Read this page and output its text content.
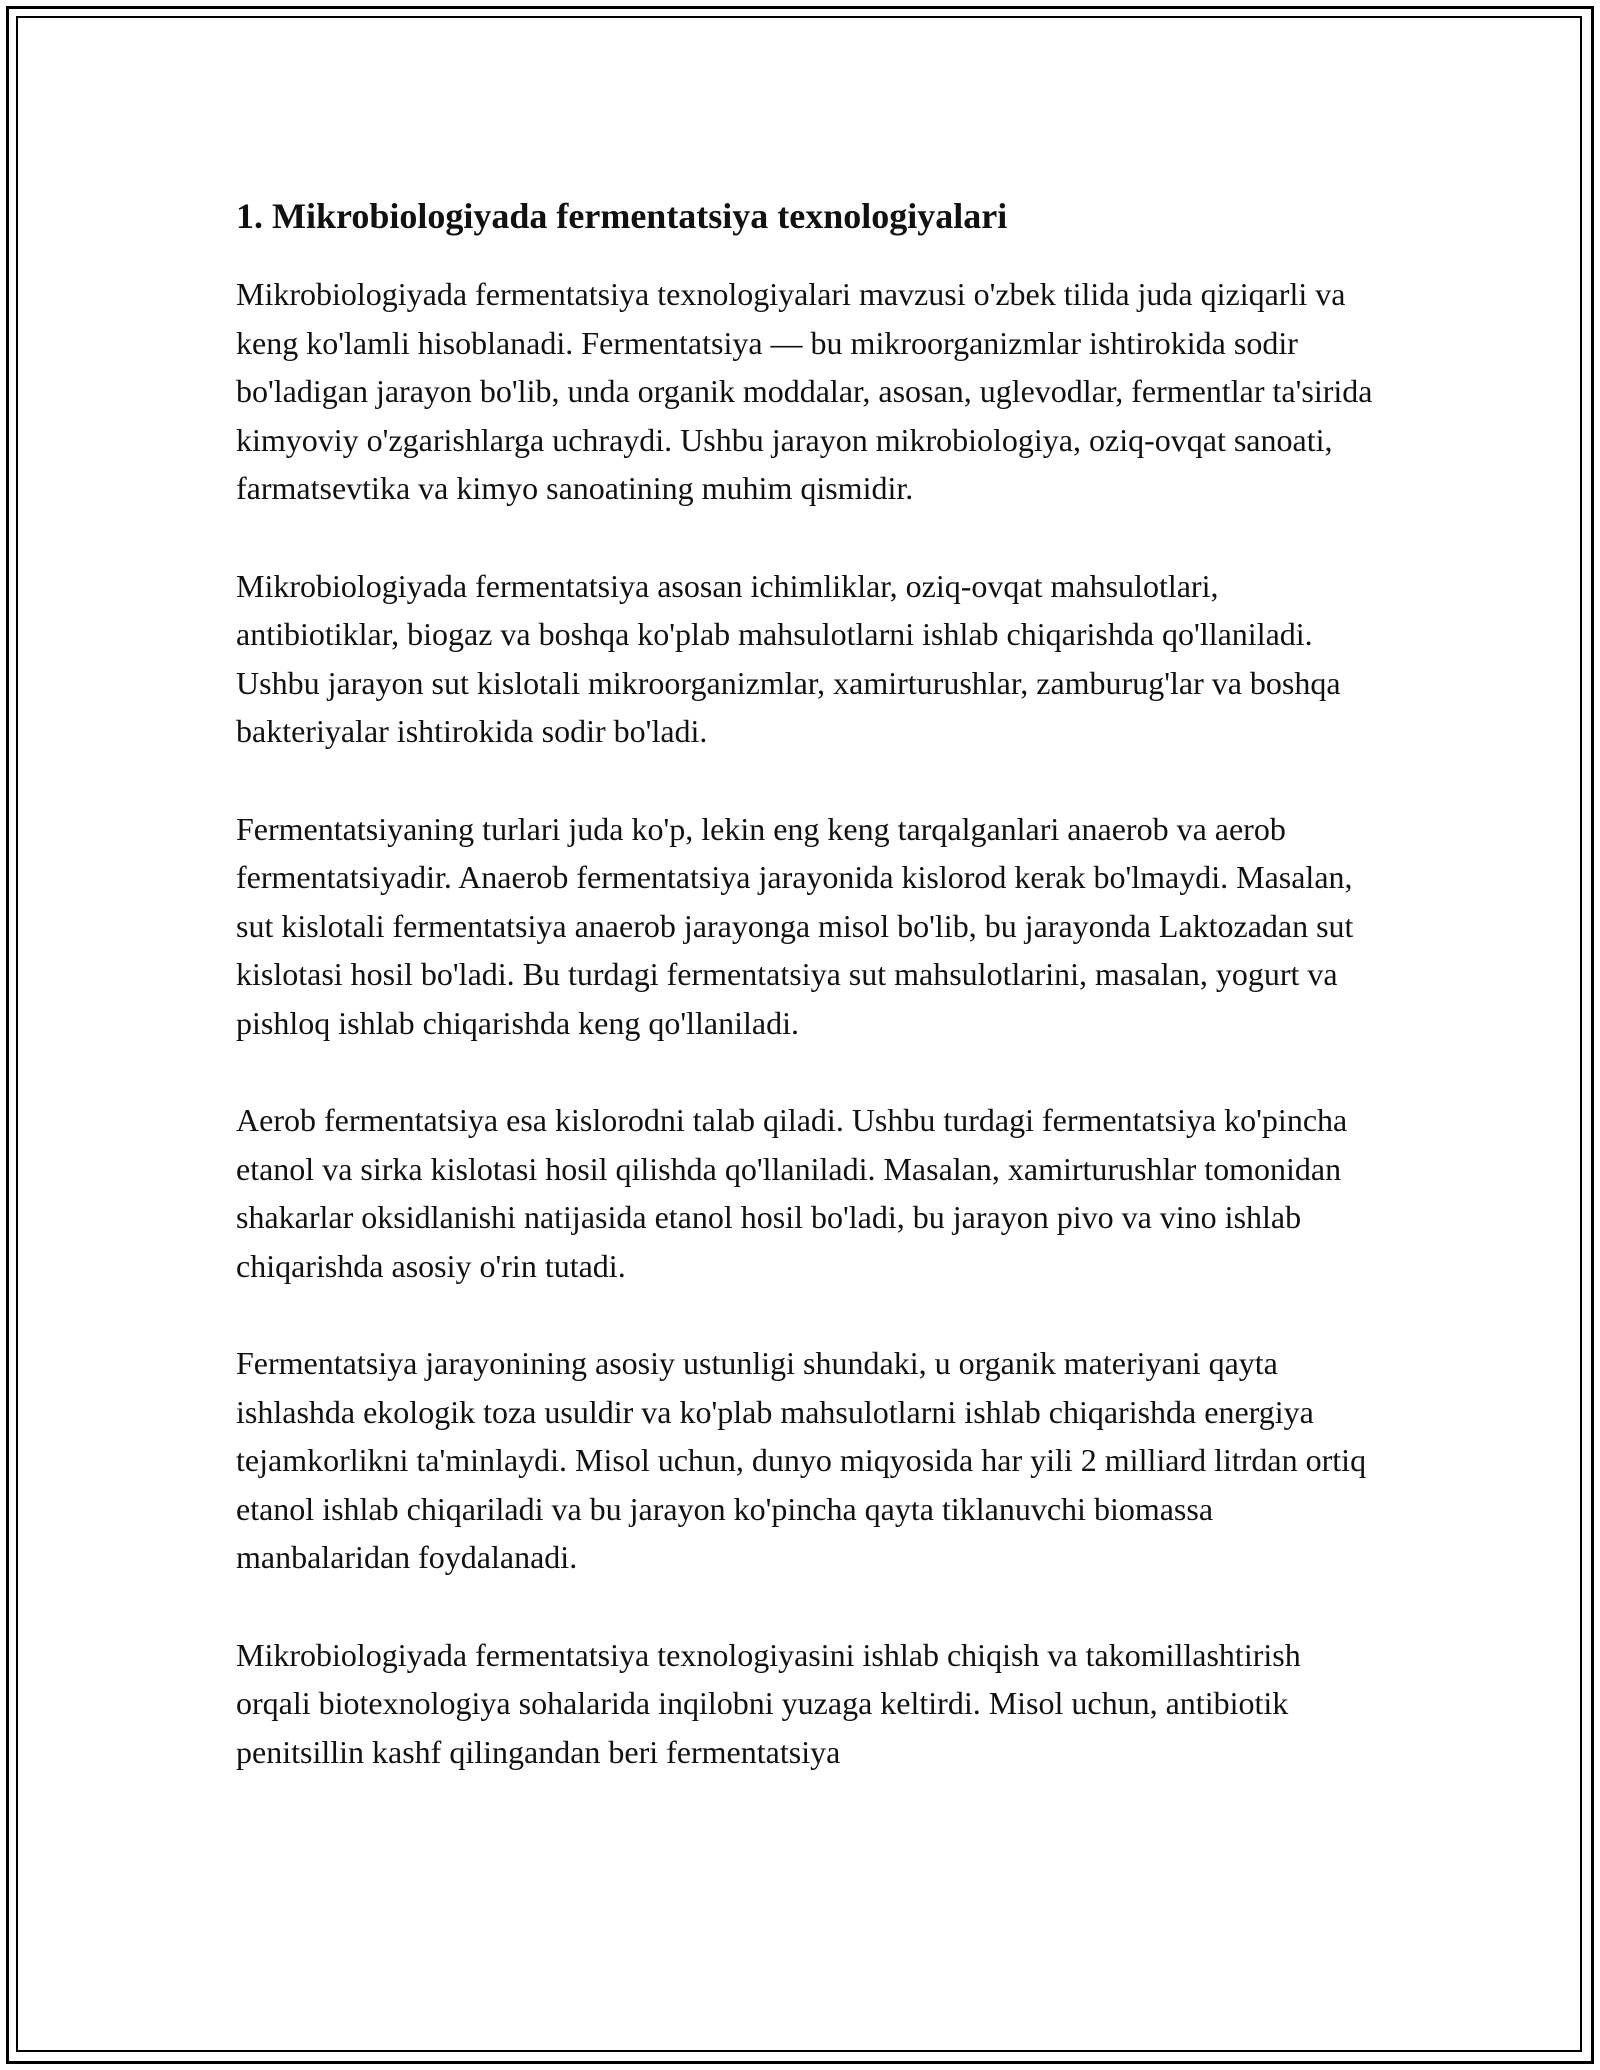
1. Mikrobiologiyada fermentatsiya texnologiyalari

Mikrobiologiyada fermentatsiya texnologiyalari mavzusi o'zbek tilida juda qiziqarli va keng ko'lamli hisoblanadi. Fermentatsiya — bu mikroorganizmlar ishtirokida sodir bo'ladigan jarayon bo'lib, unda organik moddalar, asosan, uglevodlar, fermentlar ta'sirida kimyoviy o'zgarishlarga uchraydi. Ushbu jarayon mikrobiologiya, oziq-ovqat sanoati, farmatsevtika va kimyo sanoatining muhim qismidir.

Mikrobiologiyada fermentatsiya asosan ichimliklar, oziq-ovqat mahsulotlari, antibiotiklar, biogaz va boshqa ko'plab mahsulotlarni ishlab chiqarishda qo'llaniladi. Ushbu jarayon sut kislotali mikroorganizmlar, xamirturushlar, zamburug'lar va boshqa bakteriyalar ishtirokida sodir bo'ladi.

Fermentatsiyaning turlari juda ko'p, lekin eng keng tarqalganlari anaerob va aerob fermentatsiyadir. Anaerob fermentatsiya jarayonida kislorod kerak bo'lmaydi. Masalan, sut kislotali fermentatsiya anaerob jarayonga misol bo'lib, bu jarayonda Laktozadan sut kislotasi hosil bo'ladi. Bu turdagi fermentatsiya sut mahsulotlarini, masalan, yogurt va pishloq ishlab chiqarishda keng qo'llaniladi.

Aerob fermentatsiya esa kislorodni talab qiladi. Ushbu turdagi fermentatsiya ko'pincha etanol va sirka kislotasi hosil qilishda qo'llaniladi. Masalan, xamirturushlar tomonidan shakarlar oksidlanishi natijasida etanol hosil bo'ladi, bu jarayon pivo va vino ishlab chiqarishda asosiy o'rin tutadi.

Fermentatsiya jarayonining asosiy ustunligi shundaki, u organik materiyani qayta ishlashda ekologik toza usuldir va ko'plab mahsulotlarni ishlab chiqarishda energiya tejamkorlikni ta'minlaydi. Misol uchun, dunyo miqyosida har yili 2 milliard litrdan ortiq etanol ishlab chiqariladi va bu jarayon ko'pincha qayta tiklanuvchi biomassa manbalaridan foydalanadi.

Mikrobiologiyada fermentatsiya texnologiyasini ishlab chiqish va takomillashtirish orqali biotexnologiya sohalarida inqilobni yuzaga keltirdi. Misol uchun, antibiotik penitsillin kashf qilingandan beri fermentatsiya
